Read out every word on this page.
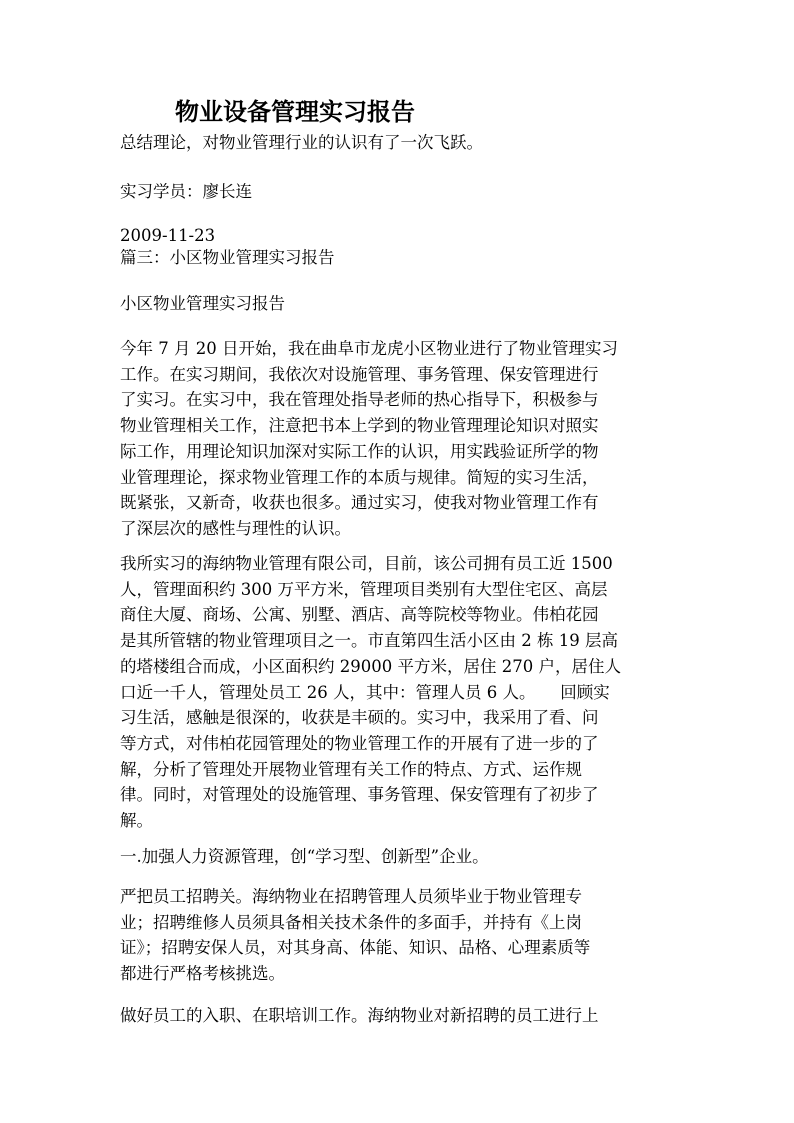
物业设备管理实习报告
总结理论，对物业管理行业的认识有了一次飞跃。
实习学员：廖长连
2009-11-23
篇三：小区物业管理实习报告
小区物业管理实习报告
今年 7 月 20 日开始，我在曲阜市龙虎小区物业进行了物业管理实习
工作。在实习期间，我依次对设施管理、事务管理、保安管理进行
了实习。在实习中，我在管理处指导老师的热心指导下，积极参与
物业管理相关工作，注意把书本上学到的物业管理理论知识对照实
际工作，用理论知识加深对实际工作的认识，用实践验证所学的物
业管理理论，探求物业管理工作的本质与规律。简短的实习生活，
既紧张，又新奇，收获也很多。通过实习，使我对物业管理工作有
了深层次的感性与理性的认识。
我所实习的海纳物业管理有限公司，目前，该公司拥有员工近 1500
人，管理面积约 300 万平方米，管理项目类别有大型住宅区、高层
商住大厦、商场、公寓、别墅、酒店、高等院校等物业。伟柏花园
是其所管辖的物业管理项目之一。市直第四生活小区由 2 栋 19 层高
的塔楼组合而成，小区面积约 29000 平方米，居住 270 户，居住人
口近一千人，管理处员工 26 人，其中：管理人员 6 人。　　回顾实
习生活，感触是很深的，收获是丰硕的。实习中，我采用了看、问
等方式，对伟柏花园管理处的物业管理工作的开展有了进一步的了
解，分析了管理处开展物业管理有关工作的特点、方式、运作规
律。同时，对管理处的设施管理、事务管理、保安管理有了初步了
解。
一.加强人力资源管理，创“学习型、创新型”企业。
严把员工招聘关。海纳物业在招聘管理人员须毕业于物业管理专
业；招聘维修人员须具备相关技术条件的多面手，并持有《上岗
证》；招聘安保人员，对其身高、体能、知识、品格、心理素质等
都进行严格考核挑选。
做好员工的入职、在职培训工作。海纳物业对新招聘的员工进行上
